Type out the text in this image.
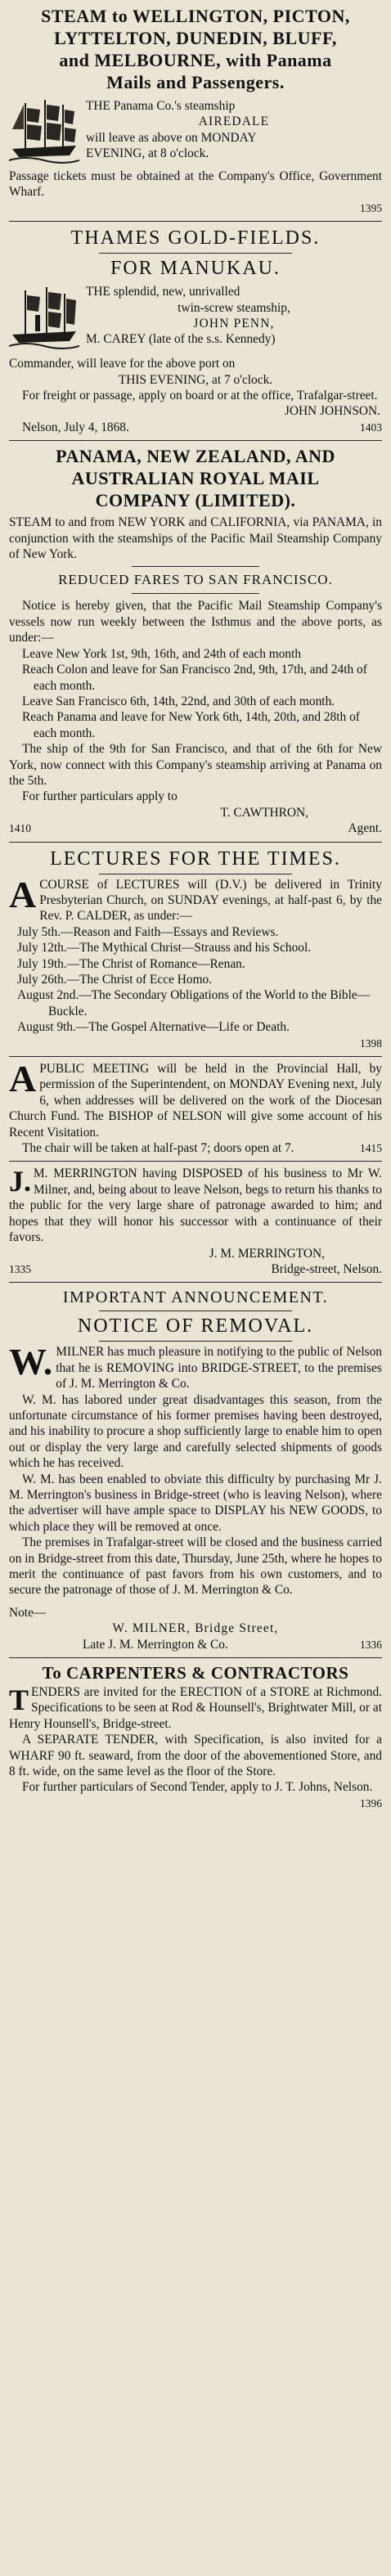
STEAM to WELLINGTON, PICTON,
LYTTELTON, DUNEDIN, BLUFF,
and MELBOURNE, with Panama
Mails and Passengers.

THE Panama Co.'s steamship

AIREDALE

will leave as above on MONDAY

EVENING, at 8 o'clock.

Passage tickets must be obtained at the Company's Office, Government Wharf.

1395
THAMES GOLD-FIELDS.
FOR MANUKAU.

THE splendid, new, unrivalled

twin-screw steamship,

JOHN PENN,

M. CAREY (late of the s.s. Kennedy)

Commander, will leave for the above port on

THIS EVENING, at 7 o'clock.

For freight or passage, apply on board or at the office, Trafalgar-street.

JOHN JOHNSON.
Nelson, July 4, 1868.	1403
PANAMA, NEW ZEALAND, AND
AUSTRALIAN ROYAL MAIL
COMPANY (LIMITED).

STEAM to and from NEW YORK and CALIFORNIA, via PANAMA, in conjunction with the steamships of the Pacific Mail Steamship Company of New York.

REDUCED FARES TO SAN FRANCISCO.

Notice is hereby given, that the Pacific Mail Steamship Company's vessels now run weekly between the Isthmus and the above ports, as under:—

Leave New York 1st, 9th, 16th, and 24th of each month

Reach Colon and leave for San Francisco 2nd, 9th, 17th, and 24th of each month.

Leave San Francisco 6th, 14th, 22nd, and 30th of each month.

Reach Panama and leave for New York 6th, 14th, 20th, and 28th of each month.

The ship of the 9th for San Francisco, and that of the 6th for New York, now connect with this Company's steamship arriving at Panama on the 5th.

For further particulars apply to

T. CAWTHRON,
1410	Agent.
LECTURES FOR THE TIMES.

A COURSE of LECTURES will (D.V.) be delivered in Trinity Presbyterian Church, on SUNDAY evenings, at half-past 6, by the Rev. P. CALDER, as under:—

July 5th.—Reason and Faith—Essays and Reviews.

July 12th.—The Mythical Christ—Strauss and his School.

July 19th.—The Christ of Romance—Renan.

July 26th.—The Christ of Ecce Homo.

August 2nd.—The Secondary Obligations of the World to the Bible—Buckle.

August 9th.—The Gospel Alternative—Life or Death.

1398

A PUBLIC MEETING will be held in the Provincial Hall, by permission of the Superintendent, on MONDAY Evening next, July 6, when addresses will be delivered on the work of the Diocesan Church Fund. The BISHOP of NELSON will give some account of his Recent Visitation.

The chair will be taken at half-past 7; doors open at 7.	1415

J. M. MERRINGTON having DISPOSED of his business to Mr W. Milner, and, being about to leave Nelson, begs to return his thanks to the public for the very large share of patronage awarded to him; and hopes that they will honor his successor with a continuance of their favors.

J. M. MERRINGTON,
1335	Bridge-street, Nelson.
IMPORTANT ANNOUNCEMENT.
NOTICE OF REMOVAL.

W. MILNER has much pleasure in notifying to the public of Nelson that he is REMOVING into BRIDGE-STREET, to the premises of J. M. Merrington & Co.

W. M. has labored under great disadvantages this season, from the unfortunate circumstance of his former premises having been destroyed, and his inability to procure a shop sufficiently large to enable him to open out or display the very large and carefully selected shipments of goods which he has received.

W. M. has been enabled to obviate this difficulty by purchasing Mr J. M. Merrington's business in Bridge-street (who is leaving Nelson), where the advertiser will have ample space to DISPLAY his NEW GOODS, to which place they will be removed at once.

The premises in Trafalgar-street will be closed and the business carried on in Bridge-street from this date, Thursday, June 25th, where he hopes to merit the continuance of past favors from his own customers, and to secure the patronage of those of J. M. Merrington & Co.

Note—
W. MILNER, Bridge Street,
Late J. M. Merrington & Co.	1336
To CARPENTERS & CONTRACTORS

TENDERS are invited for the ERECTION of a STORE at Richmond. Specifications to be seen at Rod & Hounsell's, Brightwater Mill, or at Henry Hounsell's, Bridge-street.

A SEPARATE TENDER, with Specification, is also invited for a WHARF 90 ft. seaward, from the door of the abovementioned Store, and 8 ft. wide, on the same level as the floor of the Store.

For further particulars of Second Tender, apply to J. T. Johns, Nelson.
1396
